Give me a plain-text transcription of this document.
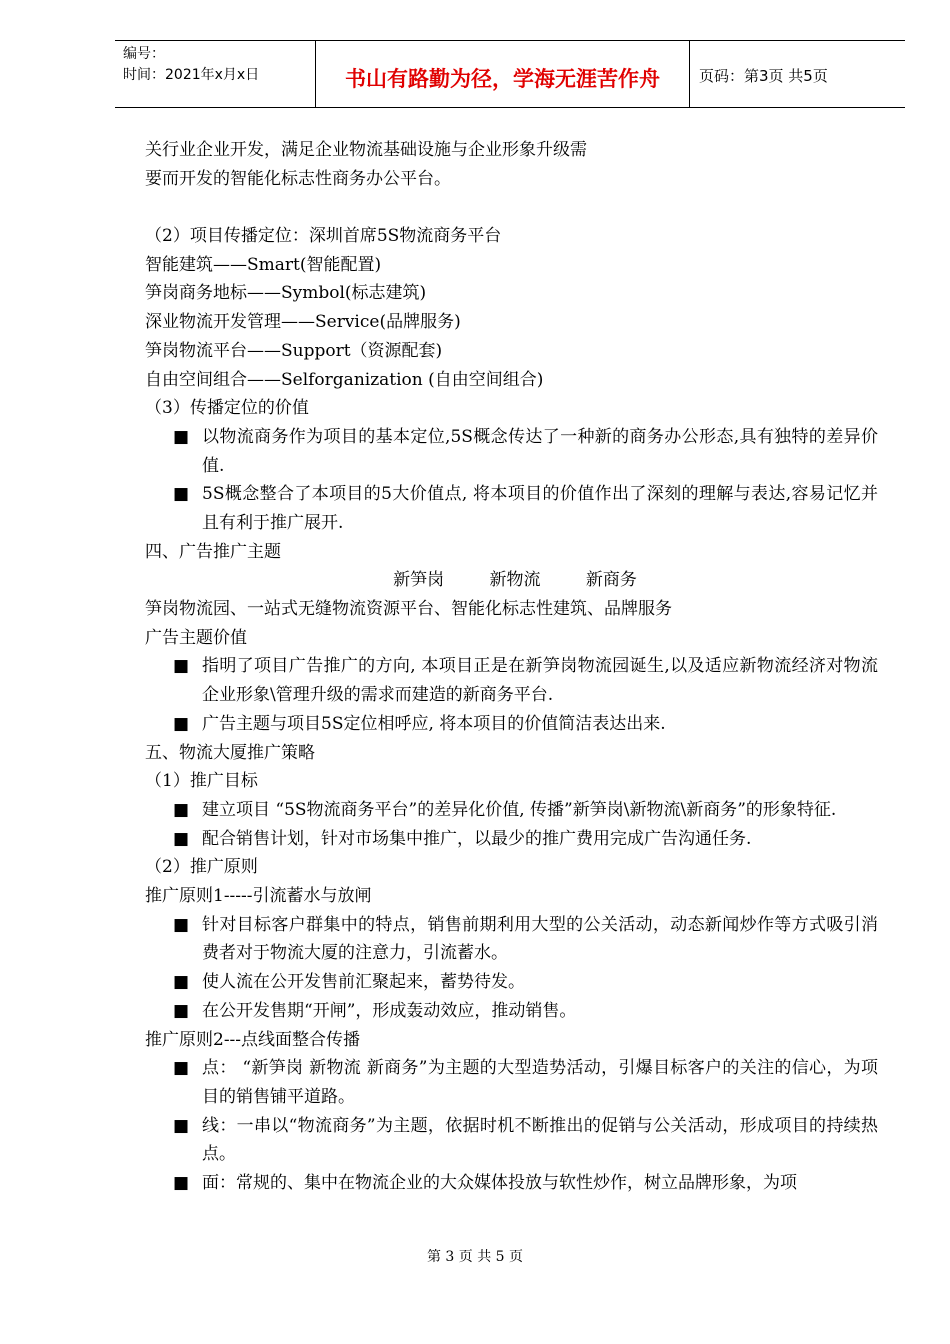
编号：
时间：2021年x月x日	书山有路勤为径，学海无涯苦作舟	页码：第3页 共5页
关行业企业开发，满足企业物流基础设施与企业形象升级需
要而开发的智能化标志性商务办公平台。
（2）项目传播定位：深圳首席5S物流商务平台
智能建筑——Smart(智能配置)
笋岗商务地标——Symbol(标志建筑)
深业物流开发管理——Service(品牌服务)
笋岗物流平台——Support（资源配套)
自由空间组合——Selforganization (自由空间组合)
（3）传播定位的价值
■ 以物流商务作为项目的基本定位,5S概念传达了一种新的商务办公形态,具有独特的差异价值.
■ 5S概念整合了本项目的5大价值点, 将本项目的价值作出了深刻的理解与表达,容易记忆并且有利于推广展开.
四、广告推广主题
新笋岗	新物流	新商务
笋岗物流园、一站式无缝物流资源平台、智能化标志性建筑、品牌服务
广告主题价值
■ 指明了项目广告推广的方向, 本项目正是在新笋岗物流园诞生,以及适应新物流经济对物流企业形象\管理升级的需求而建造的新商务平台.
■ 广告主题与项目5S定位相呼应, 将本项目的价值简洁表达出来.
五、物流大厦推广策略
（1）推广目标
■ 建立项目 “5S物流商务平台”的差异化价值, 传播”新笋岗\新物流\新商务”的形象特征.
■ 配合销售计划，针对市场集中推广，以最少的推广费用完成广告沟通任务.
（2）推广原则
推广原则1-----引流蓄水与放闸
■ 针对目标客户群集中的特点，销售前期利用大型的公关活动，动态新闻炒作等方式吸引消费者对于物流大厦的注意力，引流蓄水。
■ 使人流在公开发售前汇聚起来，蓄势待发。
■ 在公开发售期“开闸”，形成轰动效应，推动销售。
推广原则2---点线面整合传播
■ 点： “新笋岗 新物流 新商务”为主题的大型造势活动，引爆目标客户的关注的信心，为项目的销售铺平道路。
■ 线：一串以“物流商务”为主题，依据时机不断推出的促销与公关活动，形成项目的持续热点。
■ 面：常规的、集中在物流企业的大众媒体投放与软性炒作，树立品牌形象，为项
第 3 页 共 5 页
